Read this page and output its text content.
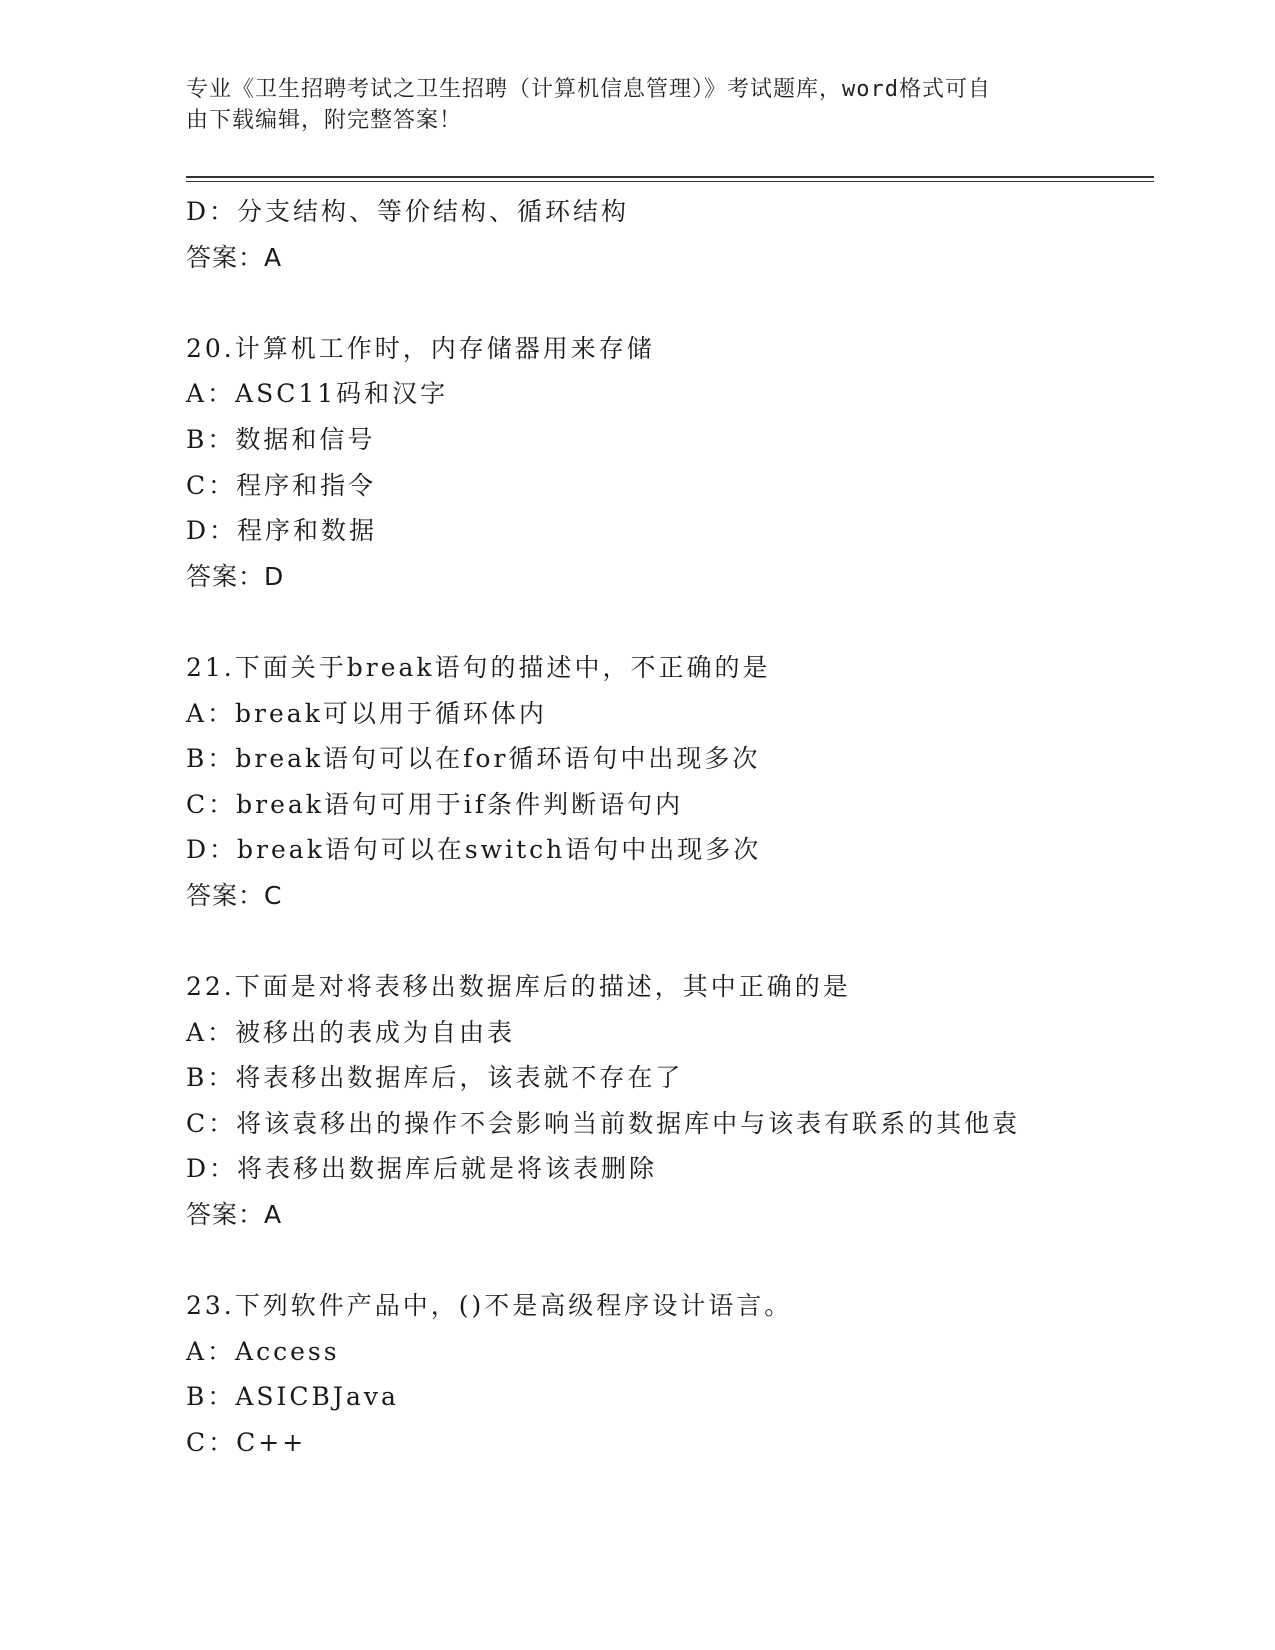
专业《卫生招聘考试之卫生招聘（计算机信息管理）》考试题库，word格式可自
由下载编辑，附完整答案！
D：分支结构、等价结构、循环结构
答案：A
20.计算机工作时，内存储器用来存储
A：ASC11码和汉字
B：数据和信号
C：程序和指令
D：程序和数据
答案：D
21.下面关于break语句的描述中，不正确的是
A：break可以用于循环体内
B：break语句可以在for循环语句中出现多次
C：break语句可用于if条件判断语句内
D：break语句可以在switch语句中出现多次
答案：C
22.下面是对将表移出数据库后的描述，其中正确的是
A：被移出的表成为自由表
B：将表移出数据库后，该表就不存在了
C：将该袁移出的操作不会影响当前数据库中与该表有联系的其他袁
D：将表移出数据库后就是将该表删除
答案：A
23.下列软件产品中，()不是高级程序设计语言。
A：Access
B：ASICBJava
C：C++
